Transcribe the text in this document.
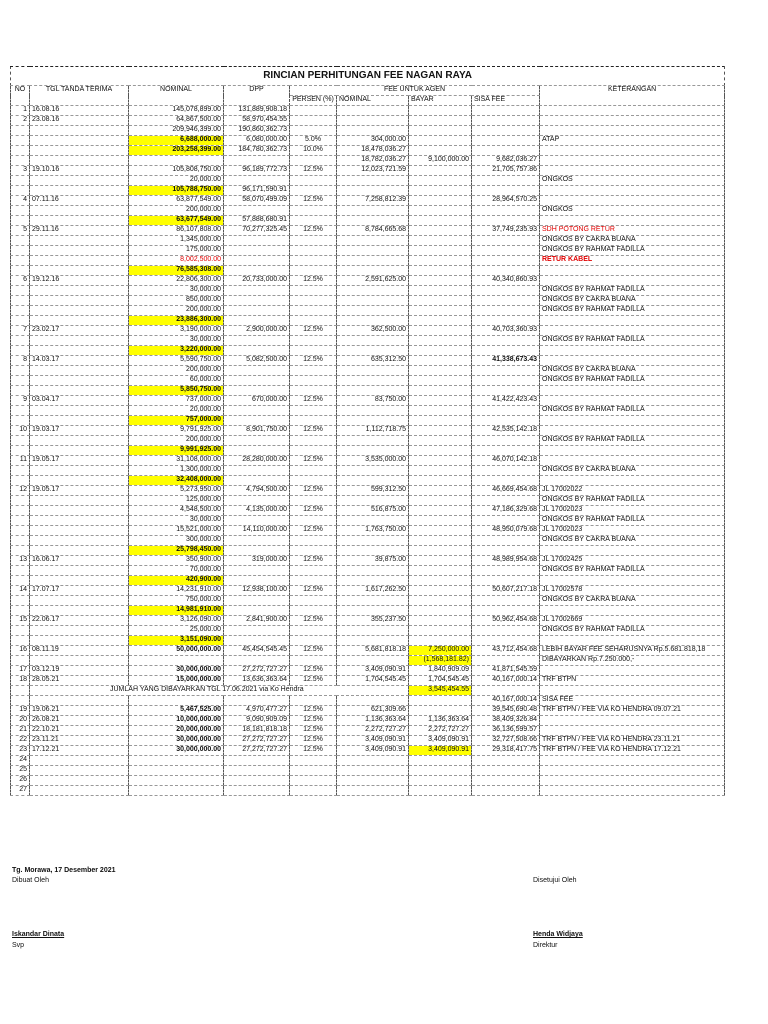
RINCIAN PERHITUNGAN FEE NAGAN RAYA								
NO	TGL TANDA TERIMA	NOMINAL	DPP	FEE UNTUK AGEN				KETERANGAN
				PERSEN (%)	NOMINAL	BAYAR	SISA FEE	
1	16.08.16	145,078,899.00	131,889,908.18					
2	23.08.16	64,867,500.00	58,970,454.55					
		209,946,399.00	190,860,362.73					
		6,688,000.00	6,080,000.00	5.0%	304,000.00			ATAP
		203,258,399.00	184,780,362.73	10.0%	18,478,036.27			
					18,782,036.27	9,100,000.00	9,682,036.27	
3	19.10.16	105,808,750.00	96,189,772.73	12.5%	12,023,721.59		21,705,757.86	
		20,000.00						ONGKOS
		105,788,750.00	96,171,590.91					
4	07.11.16	63,877,549.00	58,070,499.09	12.5%	7,258,812.39		28,964,570.25	
		200,000.00						ONGKOS
		63,677,549.00	57,888,680.91					
5	29.11.16	86,107,808.00	70,277,325.45	12.5%	8,784,665.68		37,749,235.93	SDH POTONG RETUR
		1,345,000.00						ONGKOS BY CAKRA BUANA
		175,000.00						ONGKOS BY RAHMAT FADILLA
		8,002,500.00						RETUR KABEL
		76,585,308.00						
6	19.12.16	22,806,300.00	20,733,000.00	12.5%	2,591,625.00		40,340,860.93	
		30,000.00						ONGKOS BY RAHMAT FADILLA
		850,000.00						ONGKOS BY CAKRA BUANA
		200,000.00						ONGKOS BY RAHMAT FADILLA
		23,886,300.00						
7	23.02.17	3,190,000.00	2,900,000.00	12.5%	362,500.00		40,703,360.93	
		30,000.00						ONGKOS BY RAHMAT FADILLA
		3,220,000.00						
8	14.03.17	5,590,750.00	5,082,500.00	12.5%	635,312.50		41,338,673.43	
		200,000.00						ONGKOS BY CAKRA BUANA
		60,000.00						ONGKOS BY RAHMAT FADILLA
		5,850,750.00						
9	03.04.17	737,000.00	670,000.00	12.5%	83,750.00		41,422,423.43	
		20,000.00						ONGKOS BY RAHMAT FADILLA
		757,000.00						
10	19.03.17	9,791,925.00	8,901,750.00	12.5%	1,112,718.75		42,535,142.18	
		200,000.00						ONGKOS BY RAHMAT FADILLA
		9,991,925.00						
11	19.05.17	31,108,000.00	28,280,000.00	12.5%	3,535,000.00		46,070,142.18	
		1,300,000.00						ONGKOS BY CAKRA BUANA
		32,408,000.00						
12	19.05.17	5,273,950.00	4,794,500.00	12.5%	599,312.50		46,669,454.68	JL 17002022
		125,000.00						ONGKOS BY RAHMAT FADILLA
		4,548,500.00	4,135,000.00	12.5%	516,875.00		47,186,329.68	JL 17002023
		30,000.00						ONGKOS BY RAHMAT FADILLA
		15,521,000.00	14,110,000.00	12.5%	1,763,750.00		48,950,079.68	JL 17002023
		300,000.00						ONGKOS BY CAKRA BUANA
		25,798,450.00						
13	16.06.17	350,900.00	319,000.00	12.5%	39,875.00		48,989,954.68	JL 17002425
		70,000.00						ONGKOS BY RAHMAT FADILLA
		420,900.00						
14	17.07.17	14,231,910.00	12,938,100.00	12.5%	1,617,262.50		50,607,217.18	JL 17002578
		750,000.00						ONGKOS BY CAKRA BUANA
		14,981,910.00						
15	22.06.17	3,126,090.00	2,841,900.00	12.5%	355,237.50		50,962,454.68	JL 17002669
		25,000.00						ONGKOS BY RAHMAT FADILLA
		3,151,090.00						
16	08.11.19	50,000,000.00	45,454,545.45	12.5%	5,681,818.18	7,250,000.00	43,712,454.68	LEBIH BAYAR FEE SEHARUSNYA Rp.5.681.818,18
						(1,568,181.82)		DIBAYARKAN Rp.7.250.000,-
17	03.12.19	30,000,000.00	27,272,727.27	12.5%	3,409,090.91	1,840,909.09	41,871,545.59	
18	28.05.21	15,000,000.00	13,636,363.64	12.5%	1,704,545.45	1,704,545.45	40,167,000.14	TRF BTPN
	JUMLAH YANG DIBAYARKAN TGL 17.06.2021 via Ko Hendra					3,545,454.55		
							40,167,000.14	SISA FEE
19	19.06.21	5,467,525.00	4,970,477.27	12.5%	621,309.66		39,545,690.48	TRF BTPN / FEE VIA KO HENDRA 09.07.21
20	26.08.21	10,000,000.00	9,090,909.09	12.5%	1,136,363.64	1,136,363.64	38,409,326.84	
21	22.10.21	20,000,000.00	18,181,818.18	12.5%	2,272,727.27	2,272,727.27	36,136,599.57	
22	23.11.21	30,000,000.00	27,272,727.27	12.5%	3,409,090.91	3,409,090.91	32,727,508.66	TRF BTPN / FEE VIA KO HENDRA 23.11.21
23	17.12.21	30,000,000.00	27,272,727.27	12.5%	3,409,090.91	3,409,090.91	29,318,417.75	TRF BTPN / FEE VIA KO HENDRA 17.12.21
24								
25								
26								
27								
Tg. Morawa, 17 Desember 2021
Dibuat Oleh	Disetujui Oleh
Iskandar Dinata
Svp
Henda Widjaya
Direktur
